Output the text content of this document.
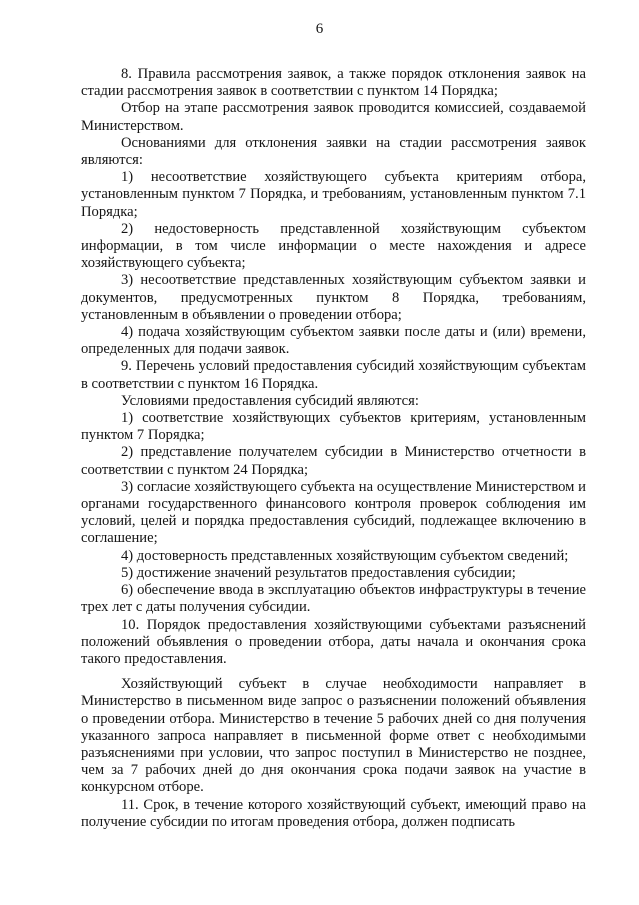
6

8. Правила рассмотрения заявок, а также порядок отклонения заявок на стадии рассмотрения заявок в соответствии с пунктом 14 Порядка;

Отбор на этапе рассмотрения заявок проводится комиссией, создаваемой Министерством.

Основаниями для отклонения заявки на стадии рассмотрения заявок являются:

1) несоответствие хозяйствующего субъекта критериям отбора, установленным пунктом 7 Порядка, и требованиям, установленным пунктом 7.1 Порядка;

2) недостоверность представленной хозяйствующим субъектом информации, в том числе информации о месте нахождения и адресе хозяйствующего субъекта;

3) несоответствие представленных хозяйствующим субъектом заявки и документов, предусмотренных пунктом 8 Порядка, требованиям, установленным в объявлении о проведении отбора;

4) подача хозяйствующим субъектом заявки после даты и (или) времени, определенных для подачи заявок.

9. Перечень условий предоставления субсидий хозяйствующим субъектам в соответствии с пунктом 16 Порядка.

Условиями предоставления субсидий являются:

1) соответствие хозяйствующих субъектов критериям, установленным пунктом 7 Порядка;

2) представление получателем субсидии в Министерство отчетности в соответствии с пунктом 24 Порядка;

3) согласие хозяйствующего субъекта на осуществление Министерством и органами государственного финансового контроля проверок соблюдения им условий, целей и порядка предоставления субсидий, подлежащее включению в соглашение;

4) достоверность представленных хозяйствующим субъектом сведений;

5) достижение значений результатов предоставления субсидии;

6) обеспечение ввода в эксплуатацию объектов инфраструктуры в течение трех лет с даты получения субсидии.

10. Порядок предоставления хозяйствующими субъектами разъяснений положений объявления о проведении отбора, даты начала и окончания срока такого предоставления.

Хозяйствующий субъект в случае необходимости направляет в Министерство в письменном виде запрос о разъяснении положений объявления о проведении отбора. Министерство в течение 5 рабочих дней со дня получения указанного запроса направляет в письменной форме ответ с необходимыми разъяснениями при условии, что запрос поступил в Министерство не позднее, чем за 7 рабочих дней до дня окончания срока подачи заявок на участие в конкурсном отборе.

11. Срок, в течение которого хозяйствующий субъект, имеющий право на получение субсидии по итогам проведения отбора, должен подписать
